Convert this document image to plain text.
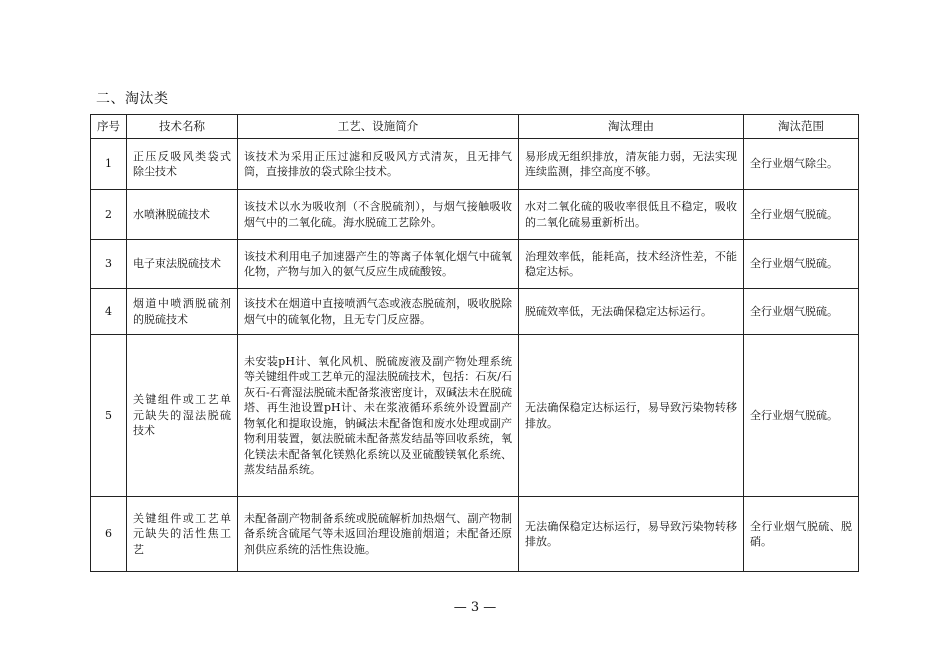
二、淘汰类
序号	技术名称	工艺、设施简介	淘汰理由	淘汰范围
1	正压反吸风类袋式除尘技术	该技术为采用正压过滤和反吸风方式清灰，且无排气筒，直接排放的袋式除尘技术。	易形成无组织排放，清灰能力弱，无法实现连续监测，排空高度不够。	全行业烟气除尘。
2	水喷淋脱硫技术	该技术以水为吸收剂（不含脱硫剂），与烟气接触吸收烟气中的二氧化硫。海水脱硫工艺除外。	水对二氧化硫的吸收率很低且不稳定，吸收的二氧化硫易重新析出。	全行业烟气脱硫。
3	电子束法脱硫技术	该技术利用电子加速器产生的等离子体氧化烟气中硫氧化物，产物与加入的氨气反应生成硫酸铵。	治理效率低，能耗高，技术经济性差，不能稳定达标。	全行业烟气脱硫。
4	烟道中喷洒脱硫剂的脱硫技术	该技术在烟道中直接喷洒气态或液态脱硫剂，吸收脱除烟气中的硫氧化物，且无专门反应器。	脱硫效率低，无法确保稳定达标运行。	全行业烟气脱硫。
5	关键组件或工艺单元缺失的湿法脱硫技术	未安装pH计、氧化风机、脱硫废液及副产物处理系统等关键组件或工艺单元的湿法脱硫技术，包括：石灰/石灰石-石膏湿法脱硫未配备浆液密度计，双碱法未在脱硫塔、再生池设置pH计、未在浆液循环系统外设置副产物氧化和提取设施，钠碱法未配备饱和废水处理或副产物利用装置，氨法脱硫未配备蒸发结晶等回收系统，氧化镁法未配备氧化镁熟化系统以及亚硫酸镁氧化系统、蒸发结晶系统。	无法确保稳定达标运行，易导致污染物转移排放。	全行业烟气脱硫。
6	关键组件或工艺单元缺失的活性焦工艺	未配备副产物制备系统或脱硫解析加热烟气、副产物制备系统含硫尾气等未返回治理设施前烟道；未配备还原剂供应系统的活性焦设施。	无法确保稳定达标运行，易导致污染物转移排放。	全行业烟气脱硫、脱硝。
— 3 —
